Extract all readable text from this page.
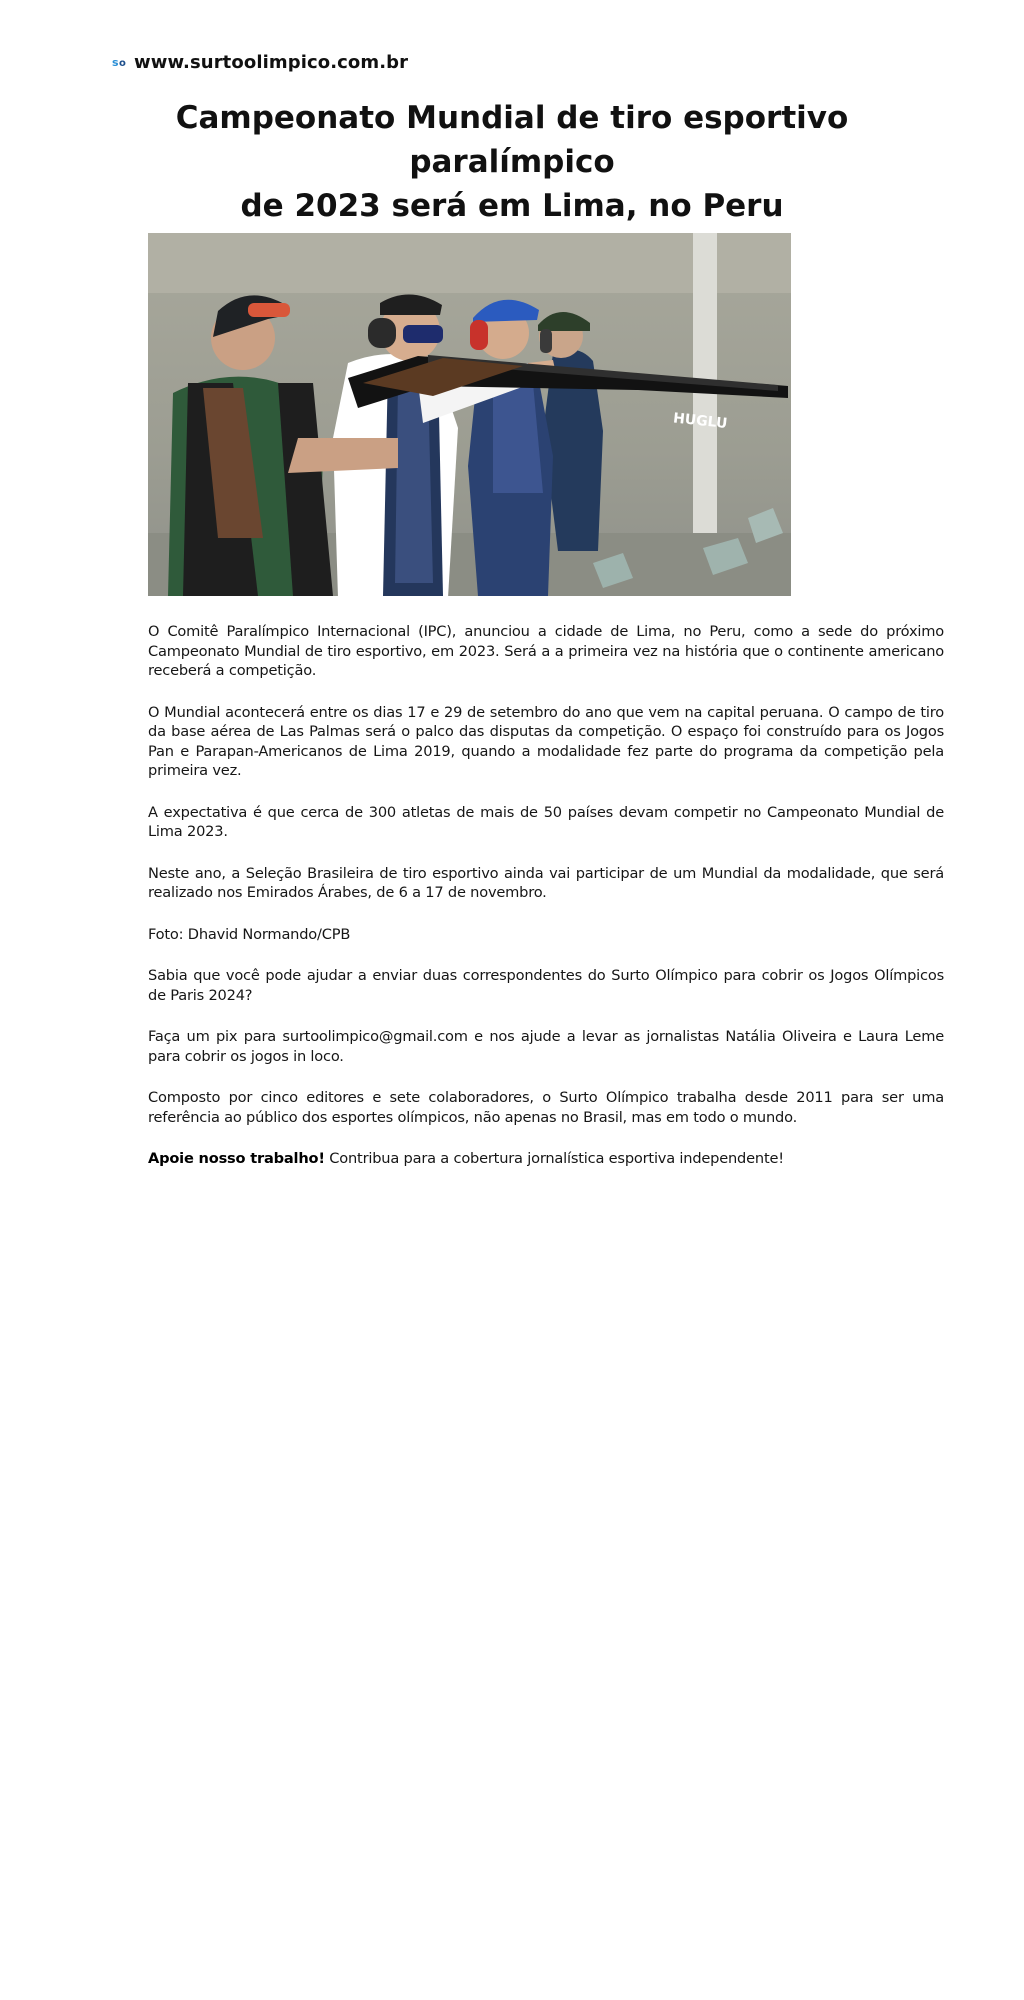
s o www.surtoolimpico.com.br
Campeonato Mundial de tiro esportivo paralímpico
de 2023 será em Lima, no Peru
HUGLU

O Comitê Paralímpico Internacional (IPC), anunciou a cidade de Lima, no Peru, como a sede do próximo Campeonato Mundial de tiro esportivo, em 2023. Será a a primeira vez na história que o continente americano receberá a competição.

O Mundial acontecerá entre os dias 17 e 29 de setembro do ano que vem na capital peruana. O campo de tiro da base aérea de Las Palmas será o palco das disputas da competição. O espaço foi construído para os Jogos Pan e Parapan-Americanos de Lima 2019, quando a modalidade fez parte do programa da competição pela primeira vez.

A expectativa é que cerca de 300 atletas de mais de 50 países devam competir no Campeonato Mundial de Lima 2023.

Neste ano, a Seleção Brasileira de tiro esportivo ainda vai participar de um Mundial da modalidade, que será realizado nos Emirados Árabes, de 6 a 17 de novembro.

Foto: Dhavid Normando/CPB

Sabia que você pode ajudar a enviar duas correspondentes do Surto Olímpico para cobrir os Jogos Olímpicos de Paris 2024?

Faça um pix para surtoolimpico@gmail.com e nos ajude a levar as jornalistas Natália Oliveira e Laura Leme para cobrir os jogos in loco.

Composto por cinco editores e sete colaboradores, o Surto Olímpico trabalha desde 2011 para ser uma referência ao público dos esportes olímpicos, não apenas no Brasil, mas em todo o mundo.

Apoie nosso trabalho! Contribua para a cobertura jornalística esportiva independente!
